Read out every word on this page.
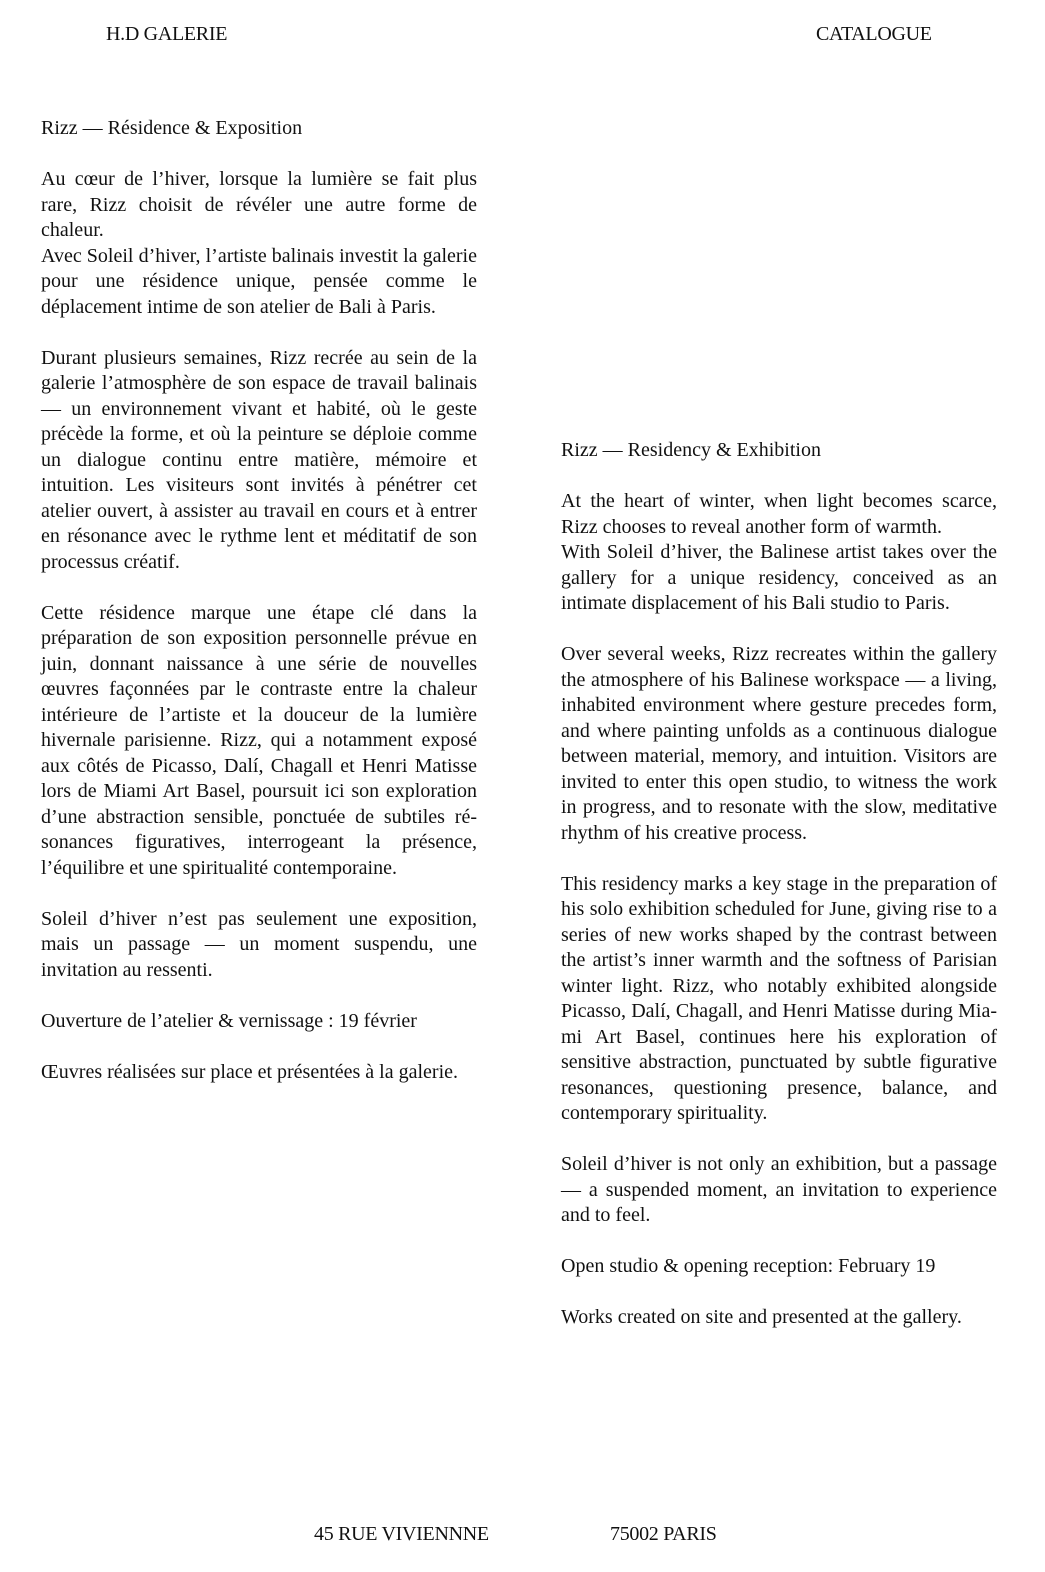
H.D GALERIE	CATALOGUE

Rizz — Résidence & Exposition

Au cœur de l’hiver, lorsque la lumière se fait plus rare, Rizz choisit de révéler une autre forme de chaleur.

Avec Soleil d’hiver, l’artiste balinais investit la galerie pour une résidence unique, pensée comme le déplacement intime de son atelier de Bali à Paris.

Durant plusieurs semaines, Rizz recrée au sein de la galerie l’atmosphère de son espace de travail balinais — un environnement vivant et habité, où le geste précède la forme, et où la peinture se déploie comme un dialogue continu entre matière, mémoire et intuition. Les visiteurs sont invités à pénétrer cet atelier ouvert, à assister au travail en cours et à entrer en résonance avec le rythme lent et méditatif de son processus créatif.

Cette résidence marque une étape clé dans la préparation de son exposition personnelle prévue en juin, donnant naissance à une série de nouvelles œuvres façonnées par le contraste entre la chaleur intérieure de l’artiste et la douceur de la lumière hivernale parisienne. Rizz, qui a notamment exposé aux côtés de Picasso, Dalí, Chagall et Henri Matisse lors de Miami Art Basel, poursuit ici son exploration d’une abstraction sensible, ponctuée de subtiles résonances figuratives, interrogeant la présence, l’équilibre et une spiritualité contemporaine.

Soleil d’hiver n’est pas seulement une exposition, mais un passage — un moment suspendu, une invitation au ressenti.

Ouverture de l’atelier & vernissage : 19 février

Œuvres réalisées sur place et présentées à la galerie.

Rizz — Residency & Exhibition

At the heart of winter, when light becomes scarce, Rizz chooses to reveal another form of warmth.

With Soleil d’hiver, the Balinese artist takes over the gallery for a unique residency, conceived as an intimate displacement of his Bali studio to Paris.

Over several weeks, Rizz recreates within the gallery the atmosphere of his Balinese workspace — a living, inhabited environment where gesture precedes form, and where painting unfolds as a continuous dialogue between material, memory, and intuition. Visitors are invited to enter this open studio, to witness the work in progress, and to resonate with the slow, meditative rhythm of his creative process.

This residency marks a key stage in the preparation of his solo exhibition scheduled for June, giving rise to a series of new works shaped by the contrast between the artist’s inner warmth and the softness of Parisian winter light. Rizz, who notably exhibited alongside Picasso, Dalí, Chagall, and Henri Matisse during Miami Art Basel, continues here his exploration of sensitive abstraction, punctuated by subtle figurative resonances, questioning presence, balance, and contemporary spirituality.

Soleil d’hiver is not only an exhibition, but a passage — a suspended moment, an invitation to experience and to feel.

Open studio & opening reception: February 19

Works created on site and presented at the gallery.

45 RUE VIVIENNNE	75002 PARIS
